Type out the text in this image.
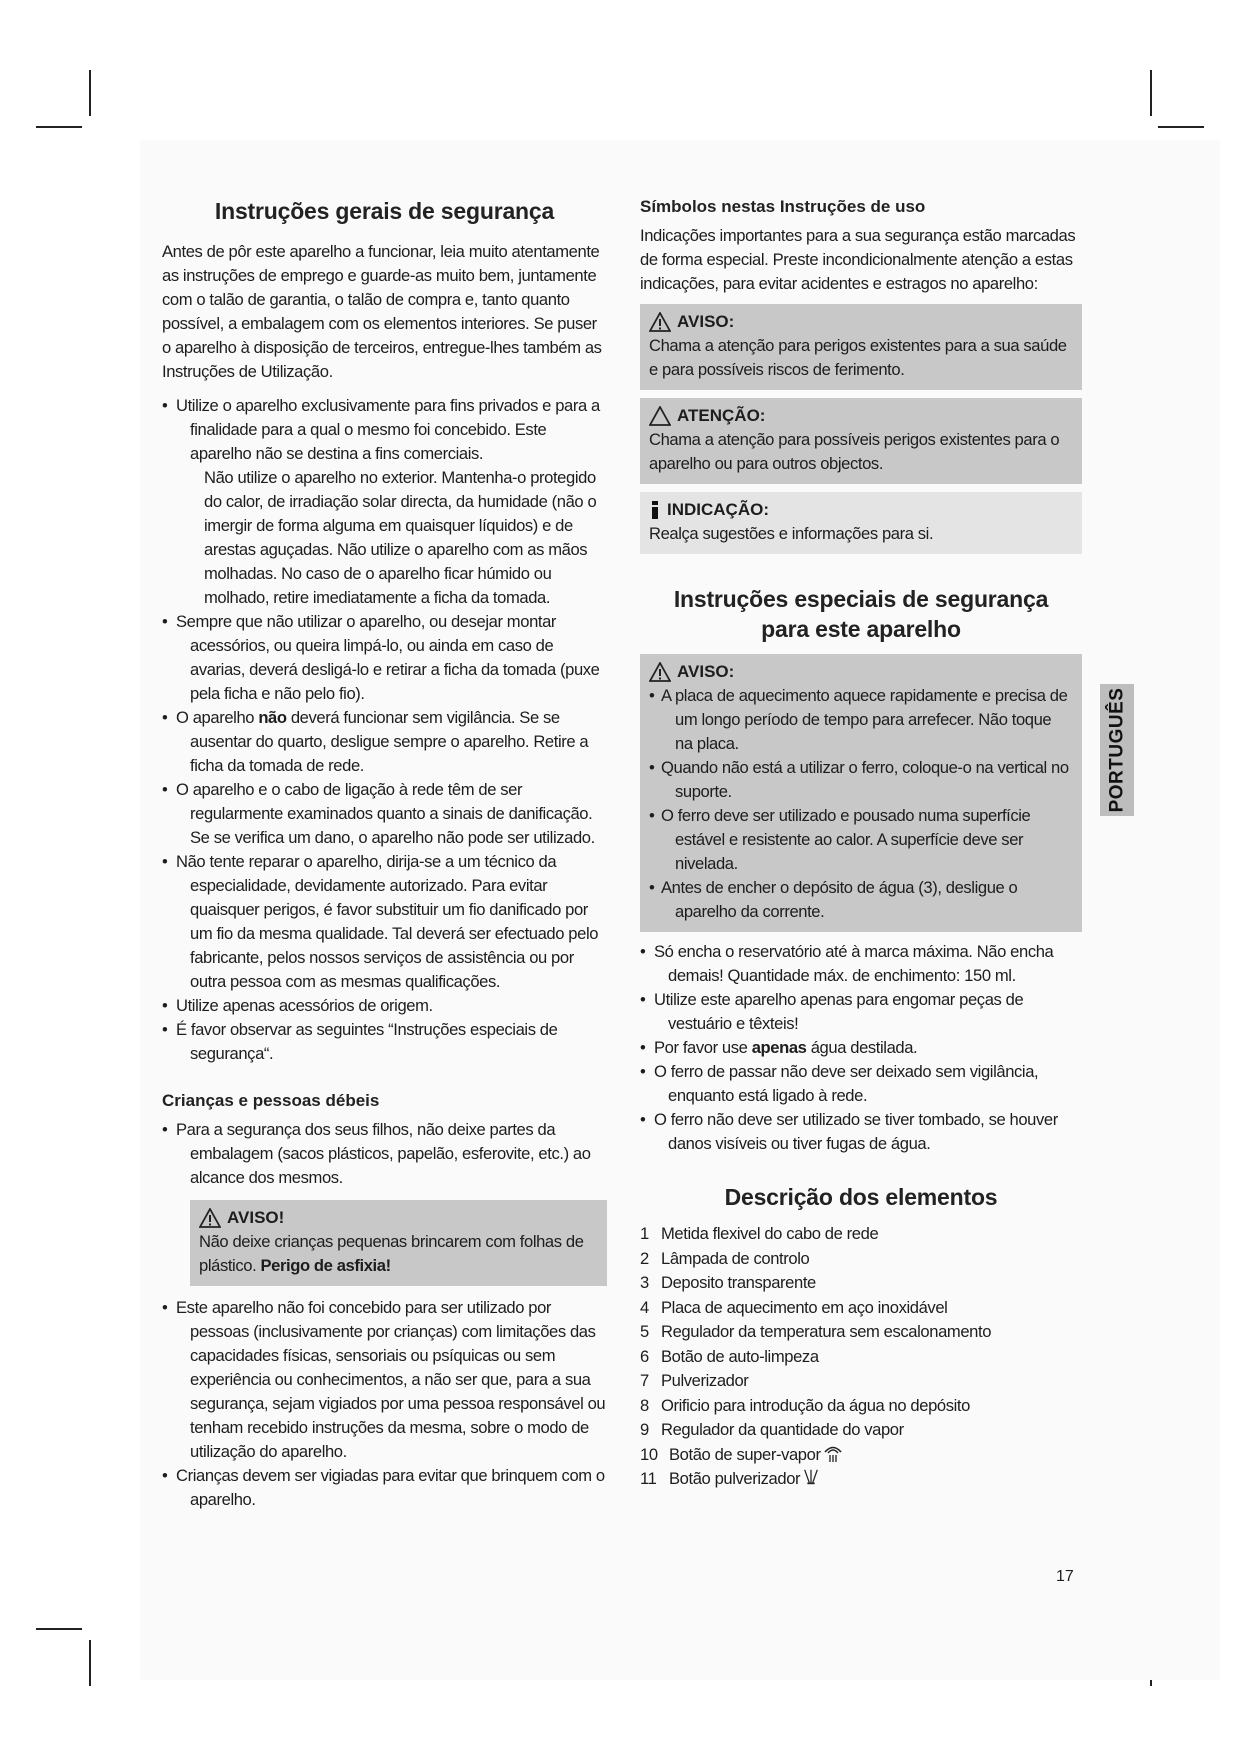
Instruções gerais de segurança

Antes de pôr este aparelho a funcionar, leia muito atentamente as instruções de emprego e guarde-as muito bem, juntamente com o talão de garantia, o talão de compra e, tanto quanto possível, a embalagem com os elementos interiores. Se puser o aparelho à disposição de terceiros, entregue-lhes também as Instruções de Utilização.

• Utilize o aparelho exclusivamente para fins privados e para a finalidade para a qual o mesmo foi concebido. Este aparelho não se destina a fins comerciais.
Não utilize o aparelho no exterior. Mantenha-o protegido do calor, de irradiação solar directa, da humidade (não o imergir de forma alguma em quaisquer líquidos) e de arestas aguçadas. Não utilize o aparelho com as mãos molhadas. No caso de o aparelho ficar húmido ou molhado, retire imediatamente a ficha da tomada.
• Sempre que não utilizar o aparelho, ou desejar montar acessórios, ou queira limpá-lo, ou ainda em caso de avarias, deverá desligá-lo e retirar a ficha da tomada (puxe pela ficha e não pelo fio).
• O aparelho não deverá funcionar sem vigilância. Se se ausentar do quarto, desligue sempre o aparelho. Retire a ficha da tomada de rede.
• O aparelho e o cabo de ligação à rede têm de ser regularmente examinados quanto a sinais de danificação. Se se verifica um dano, o aparelho não pode ser utilizado.
• Não tente reparar o aparelho, dirija-se a um técnico da especialidade, devidamente autorizado. Para evitar quaisquer perigos, é favor substituir um fio danificado por um fio da mesma qualidade. Tal deverá ser efectuado pelo fabricante, pelos nossos serviços de assistência ou por outra pessoa com as mesmas qualificações.
• Utilize apenas acessórios de origem.
• É favor observar as seguintes “Instruções especiais de segurança“.
Crianças e pessoas débeis
• Para a segurança dos seus filhos, não deixe partes da embalagem (sacos plásticos, papelão, esferovite, etc.) ao alcance dos mesmos.
AVISO!

Não deixe crianças pequenas brincarem com folhas de plástico. Perigo de asfixia!

• Este aparelho não foi concebido para ser utilizado por pessoas (inclusivamente por crianças) com limitações das capacidades físicas, sensoriais ou psíquicas ou sem experiência ou conhecimentos, a não ser que, para a sua segurança, sejam vigiados por uma pessoa responsável ou tenham recebido instruções da mesma, sobre o modo de utilização do aparelho.
• Crianças devem ser vigiadas para evitar que brinquem com o aparelho.
Símbolos nestas Instruções de uso

Indicações importantes para a sua segurança estão marcadas de forma especial. Preste incondicionalmente atenção a estas indicações, para evitar acidentes e estragos no aparelho:

AVISO:

Chama a atenção para perigos existentes para a sua saúde e para possíveis riscos de ferimento.

ATENÇÃO:

Chama a atenção para possíveis perigos existentes para o aparelho ou para outros objectos.

INDICAÇÃO:

Realça sugestões e informações para si.

Instruções especiais de segurança
para este aparelho
AVISO:
• A placa de aquecimento aquece rapidamente e precisa de um longo período de tempo para arrefecer. Não toque na placa.
• Quando não está a utilizar o ferro, coloque-o na vertical no suporte.
• O ferro deve ser utilizado e pousado numa superfície estável e resistente ao calor. A superfície deve ser nivelada.
• Antes de encher o depósito de água (3), desligue o aparelho da corrente.
• Só encha o reservatório até à marca máxima. Não encha demais! Quantidade máx. de enchimento: 150 ml.
• Utilize este aparelho apenas para engomar peças de vestuário e têxteis!
• Por favor use apenas água destilada.
• O ferro de passar não deve ser deixado sem vigilância, enquanto está ligado à rede.
• O ferro não deve ser utilizado se tiver tombado, se houver danos visíveis ou tiver fugas de água.
Descrição dos elementos
1 Metida flexivel do cabo de rede
2 Lâmpada de controlo
3 Deposito transparente
4 Placa de aquecimento em aço inoxidável
5 Regulador da temperatura sem escalonamento
6 Botão de auto-limpeza
7 Pulverizador
8 Orificio para introdução da água no depósito
9 Regulador da quantidade do vapor
10 Botão de super-vapor
11 Botão pulverizador
PORTUGUÊS
17
